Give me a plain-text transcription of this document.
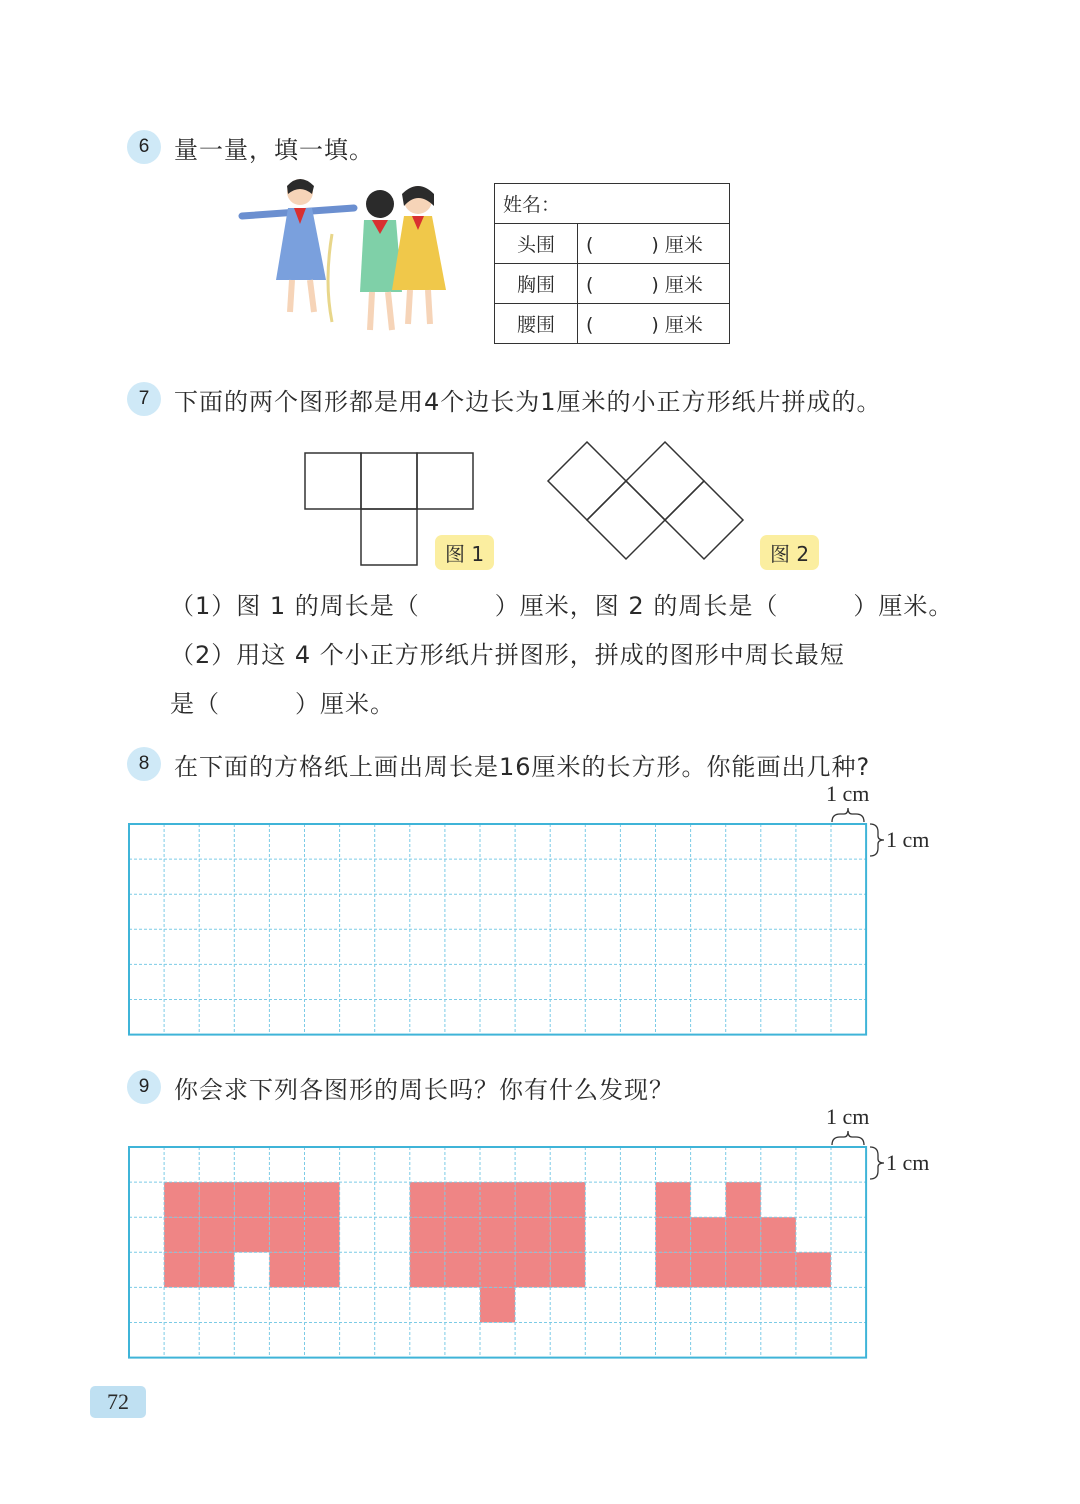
6	量一量，填一填。
姓名：	
头围	( ) 厘米
胸围	( ) 厘米
腰围	( ) 厘米
7	下面的两个图形都是用4个边长为1厘米的小正方形纸片拼成的。
图 1	图 2
（1）图 1 的周长是（　　　）厘米，图 2 的周长是（　　　）厘米。
（2）用这 4 个小正方形纸片拼图形，拼成的图形中周长最短
是（　　　）厘米。
8	在下面的方格纸上画出周长是16厘米的长方形。你能画出几种?
1 cm
1 cm
9	你会求下列各图形的周长吗？你有什么发现？
1 cm
1 cm
72
